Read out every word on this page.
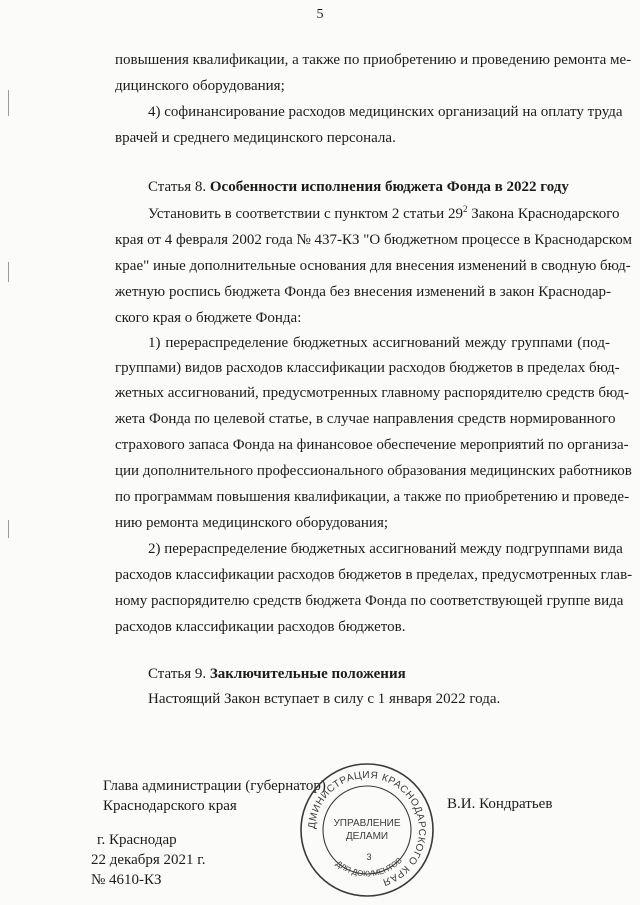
5
повышения квалификации, а также по приобретению и проведению ремонта ме-
дицинского оборудования;
4) софинансирование расходов медицинских организаций на оплату труда
врачей и среднего медицинского персонала.
Статья 8. Особенности исполнения бюджета Фонда в 2022 году
Установить в соответствии с пунктом 2 статьи $29^2$ Закона Краснодарского
края от 4 февраля 2002 года № 437-КЗ "О бюджетном процессе в Краснодарском
крае" иные дополнительные основания для внесения изменений в сводную бюд-
жетную роспись бюджета Фонда без внесения изменений в закон Краснодар-
ского края о бюджете Фонда:
1) перераспределение бюджетных ассигнований между группами (под-
группами) видов расходов классификации расходов бюджетов в пределах бюд-
жетных ассигнований, предусмотренных главному распорядителю средств бюд-
жета Фонда по целевой статье, в случае направления средств нормированного
страхового запаса Фонда на финансовое обеспечение мероприятий по организа-
ции дополнительного профессионального образования медицинских работников
по программам повышения квалификации, а также по приобретению и проведе-
нию ремонта медицинского оборудования;
2) перераспределение бюджетных ассигнований между подгруппами вида
расходов классификации расходов бюджетов в пределах, предусмотренных глав-
ному распорядителю средств бюджета Фонда по соответствующей группе вида
расходов классификации расходов бюджетов.
Статья 9. Заключительные положения
Настоящий Закон вступает в силу с 1 января 2022 года.
Глава администрации (губернатор)
Краснодарского края	В.И. Кондратьев
г. Краснодар
22 декабря 2021 г.
№ 4610-КЗ
ДМИНИСТРАЦИЯ КРАСНОДАРСКОГО КРАЯ
ДЛЯ ДОКУМЕНТОВ
УПРАВЛЕНИЕ
ДЕЛАМИ
3
